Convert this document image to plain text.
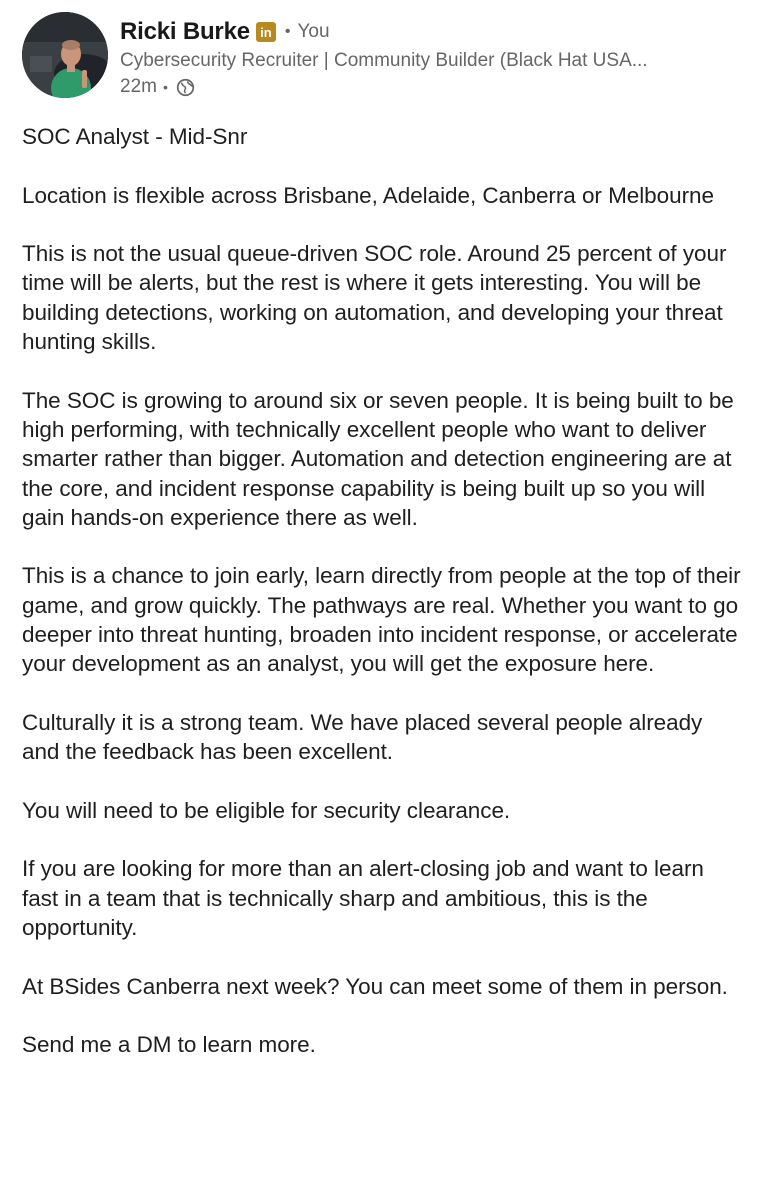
Ricki Burke in • You
Cybersecurity Recruiter | Community Builder (Black Hat USA...
22m •

SOC Analyst - Mid-Snr

Location is flexible across Brisbane, Adelaide, Canberra or Melbourne

This is not the usual queue-driven SOC role. Around 25 percent of your time will be alerts, but the rest is where it gets interesting. You will be building detections, working on automation, and developing your threat hunting skills.

The SOC is growing to around six or seven people. It is being built to be high performing, with technically excellent people who want to deliver smarter rather than bigger. Automation and detection engineering are at the core, and incident response capability is being built up so you will gain hands-on experience there as well.

This is a chance to join early, learn directly from people at the top of their game, and grow quickly. The pathways are real. Whether you want to go deeper into threat hunting, broaden into incident response, or accelerate your development as an analyst, you will get the exposure here.

Culturally it is a strong team. We have placed several people already and the feedback has been excellent.

You will need to be eligible for security clearance.

If you are looking for more than an alert-closing job and want to learn fast in a team that is technically sharp and ambitious, this is the opportunity.

At BSides Canberra next week? You can meet some of them in person.

Send me a DM to learn more.
